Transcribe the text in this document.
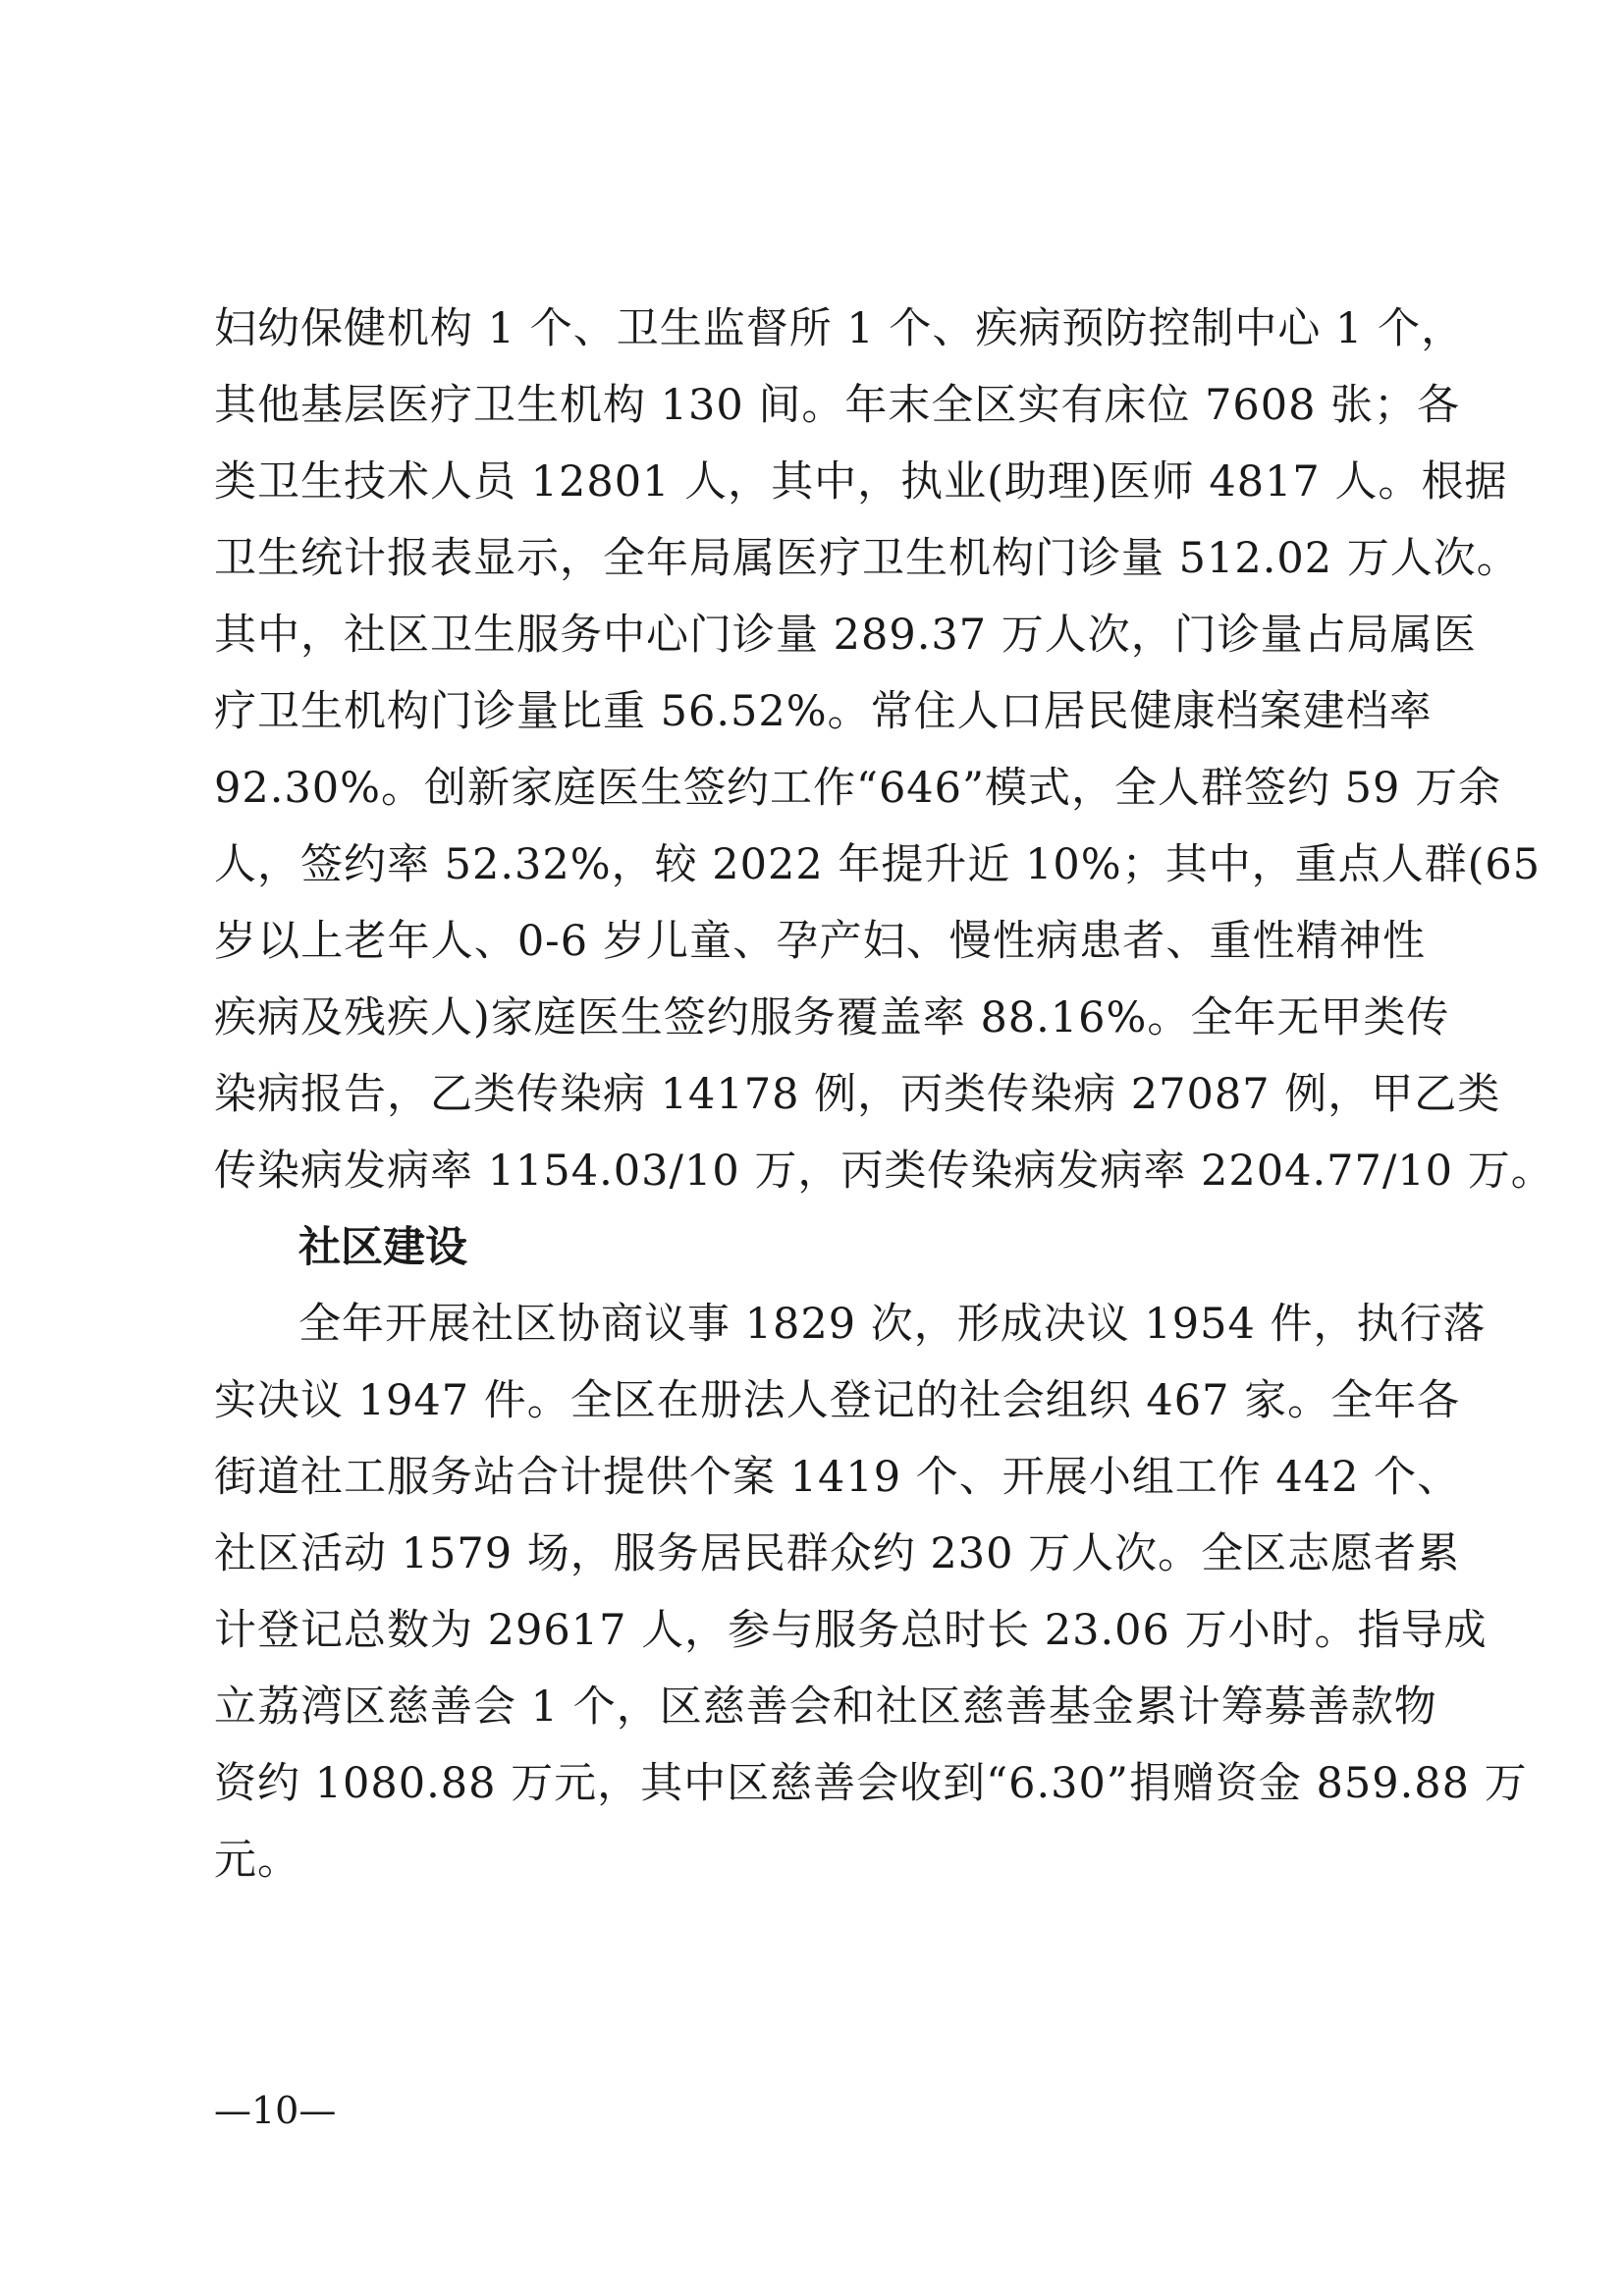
妇幼保健机构 1 个、卫生监督所 1 个、疾病预防控制中心 1 个，
其他基层医疗卫生机构 130 间。年末全区实有床位 7608 张；各
类卫生技术人员 12801 人，其中，执业(助理)医师 4817 人。根据
卫生统计报表显示，全年局属医疗卫生机构门诊量 512.02 万人次。
其中，社区卫生服务中心门诊量 289.37 万人次，门诊量占局属医
疗卫生机构门诊量比重 56.52%。常住人口居民健康档案建档率
92.30%。创新家庭医生签约工作“646”模式，全人群签约 59 万余
人，签约率 52.32%，较 2022 年提升近 10%；其中，重点人群(65
岁以上老年人、0-6 岁儿童、孕产妇、慢性病患者、重性精神性
疾病及残疾人)家庭医生签约服务覆盖率 88.16%。全年无甲类传
染病报告，乙类传染病 14178 例，丙类传染病 27087 例，甲乙类
传染病发病率 1154.03/10 万，丙类传染病发病率 2204.77/10 万。
社区建设
全年开展社区协商议事 1829 次，形成决议 1954 件，执行落
实决议 1947 件。全区在册法人登记的社会组织 467 家。全年各
街道社工服务站合计提供个案 1419 个、开展小组工作 442 个、
社区活动 1579 场，服务居民群众约 230 万人次。全区志愿者累
计登记总数为 29617 人，参与服务总时长 23.06 万小时。指导成
立荔湾区慈善会 1 个，区慈善会和社区慈善基金累计筹募善款物
资约 1080.88 万元，其中区慈善会收到“6.30”捐赠资金 859.88 万
元。
—10—
